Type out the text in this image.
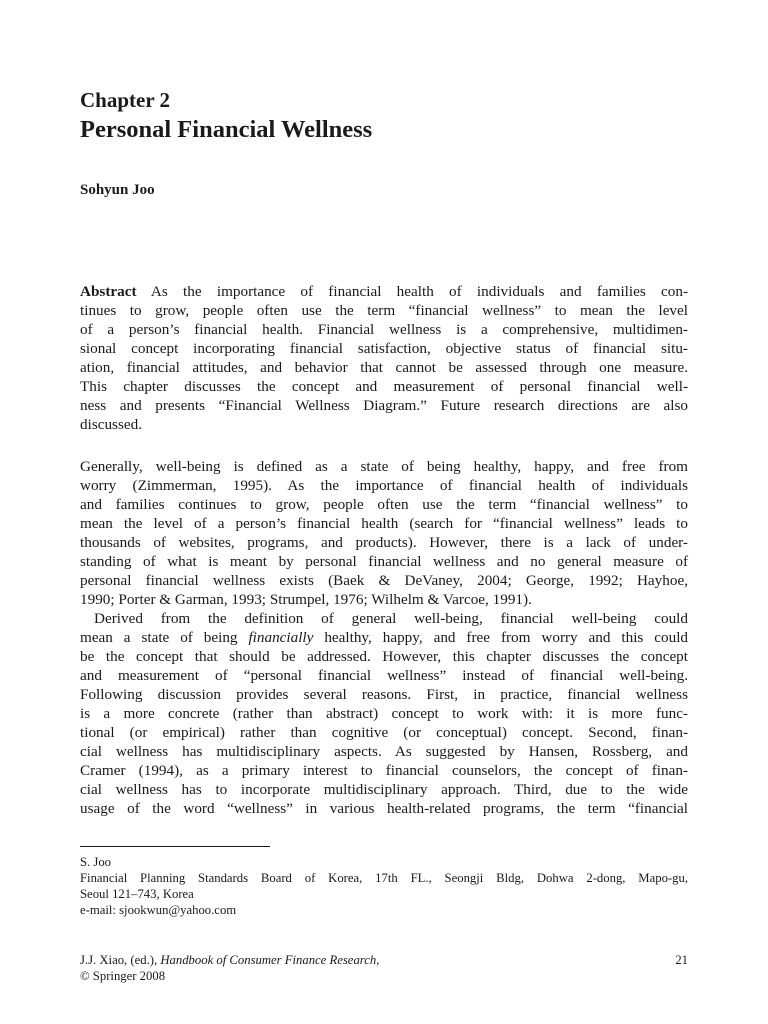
Chapter 2
Personal Financial Wellness
Sohyun Joo
Abstract As the importance of financial health of individuals and families con-
tinues to grow, people often use the term “financial wellness” to mean the level
of a person’s financial health. Financial wellness is a comprehensive, multidimen-
sional concept incorporating financial satisfaction, objective status of financial situ-
ation, financial attitudes, and behavior that cannot be assessed through one measure.
This chapter discusses the concept and measurement of personal financial well-
ness and presents “Financial Wellness Diagram.” Future research directions are also
discussed.
Generally, well-being is defined as a state of being healthy, happy, and free from
worry (Zimmerman, 1995). As the importance of financial health of individuals
and families continues to grow, people often use the term “financial wellness” to
mean the level of a person’s financial health (search for “financial wellness” leads to
thousands of websites, programs, and products). However, there is a lack of under-
standing of what is meant by personal financial wellness and no general measure of
personal financial wellness exists (Baek & DeVaney, 2004; George, 1992; Hayhoe,
1990; Porter & Garman, 1993; Strumpel, 1976; Wilhelm & Varcoe, 1991).
Derived from the definition of general well-being, financial well-being could
mean a state of being financially healthy, happy, and free from worry and this could
be the concept that should be addressed. However, this chapter discusses the concept
and measurement of “personal financial wellness” instead of financial well-being.
Following discussion provides several reasons. First, in practice, financial wellness
is a more concrete (rather than abstract) concept to work with: it is more func-
tional (or empirical) rather than cognitive (or conceptual) concept. Second, finan-
cial wellness has multidisciplinary aspects. As suggested by Hansen, Rossberg, and
Cramer (1994), as a primary interest to financial counselors, the concept of finan-
cial wellness has to incorporate multidisciplinary approach. Third, due to the wide
usage of the word “wellness” in various health-related programs, the term “financial
S. Joo
Financial Planning Standards Board of Korea, 17th FL., Seongji Bldg, Dohwa 2-dong, Mapo-gu,
Seoul 121–743, Korea
e-mail: sjookwun@yahoo.com
J.J. Xiao, (ed.), Handbook of Consumer Finance Research,
© Springer 2008
21
